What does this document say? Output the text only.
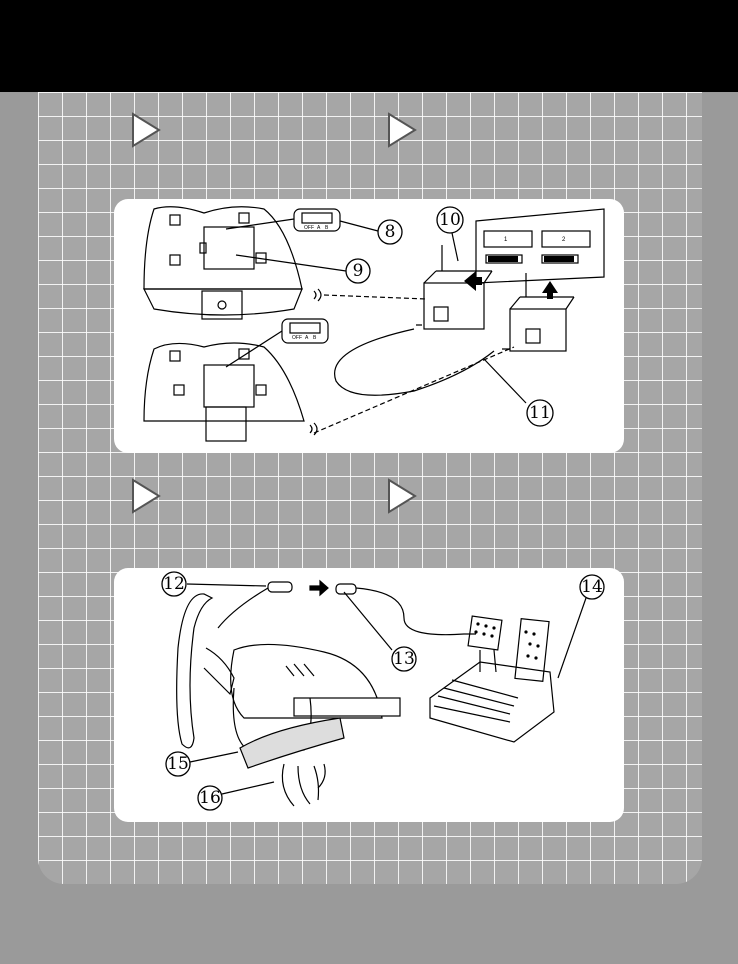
OFF A B
OFF A B
1	2
8
9
10
11
12
13
14
15
16
